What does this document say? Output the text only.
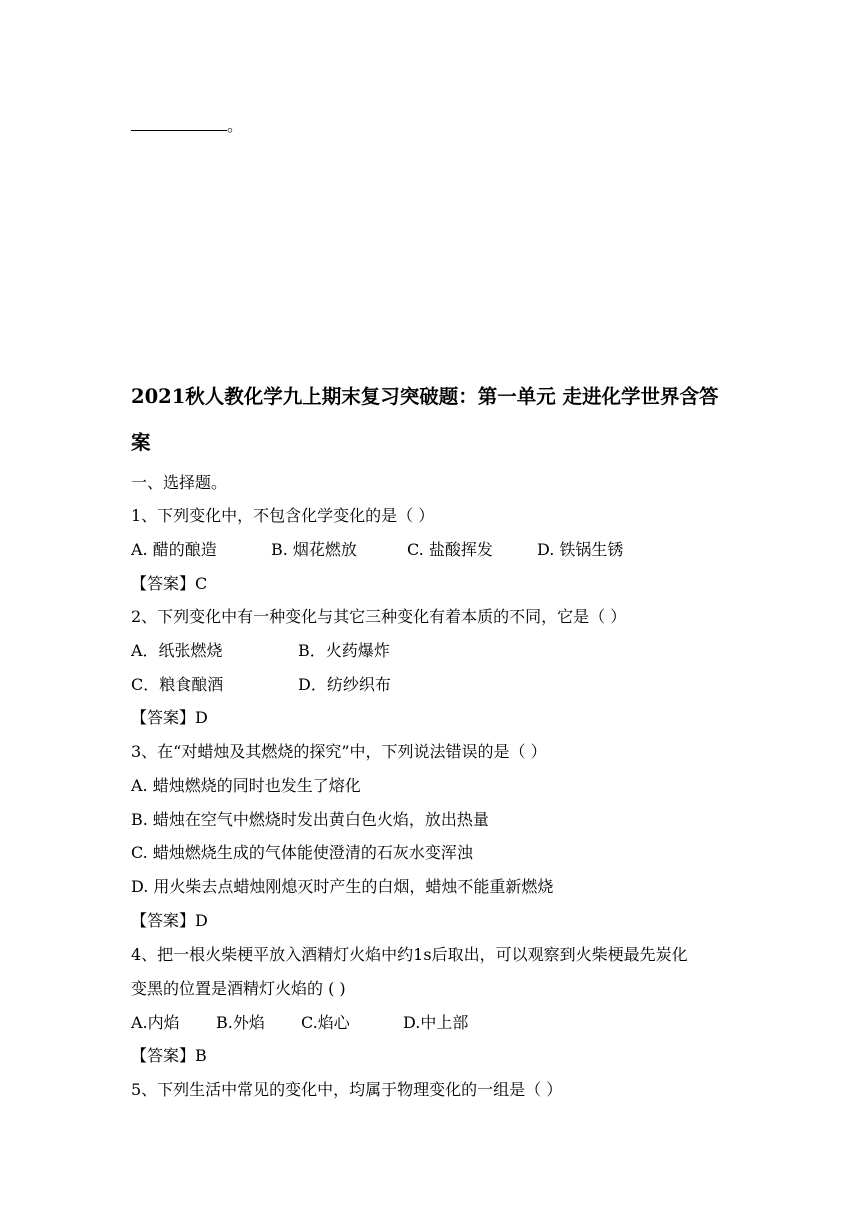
。
2021秋人教化学九上期末复习突破题：第一单元 走进化学世界含答
案
一、选择题。
1、下列变化中，不包含化学变化的是（ ）
A. 醋的酿造	B. 烟花燃放	C. 盐酸挥发	D. 铁锅生锈
【答案】C
2、下列变化中有一种变化与其它三种变化有着本质的不同，它是（ ）
A．纸张燃烧	B．火药爆炸
C．粮食酿酒	D．纺纱织布
【答案】D
3、在“对蜡烛及其燃烧的探究”中，下列说法错误的是（ ）
A. 蜡烛燃烧的同时也发生了熔化
B. 蜡烛在空气中燃烧时发出黄白色火焰，放出热量
C. 蜡烛燃烧生成的气体能使澄清的石灰水变浑浊
D. 用火柴去点蜡烛刚熄灭时产生的白烟，蜡烛不能重新燃烧
【答案】D
4、把一根火柴梗平放入酒精灯火焰中约1s后取出，可以观察到火柴梗最先炭化
变黑的位置是酒精灯火焰的 ( )
A.内焰 B.外焰 C.焰心	D.中上部
【答案】B
5、下列生活中常见的变化中，均属于物理变化的一组是（ ）
